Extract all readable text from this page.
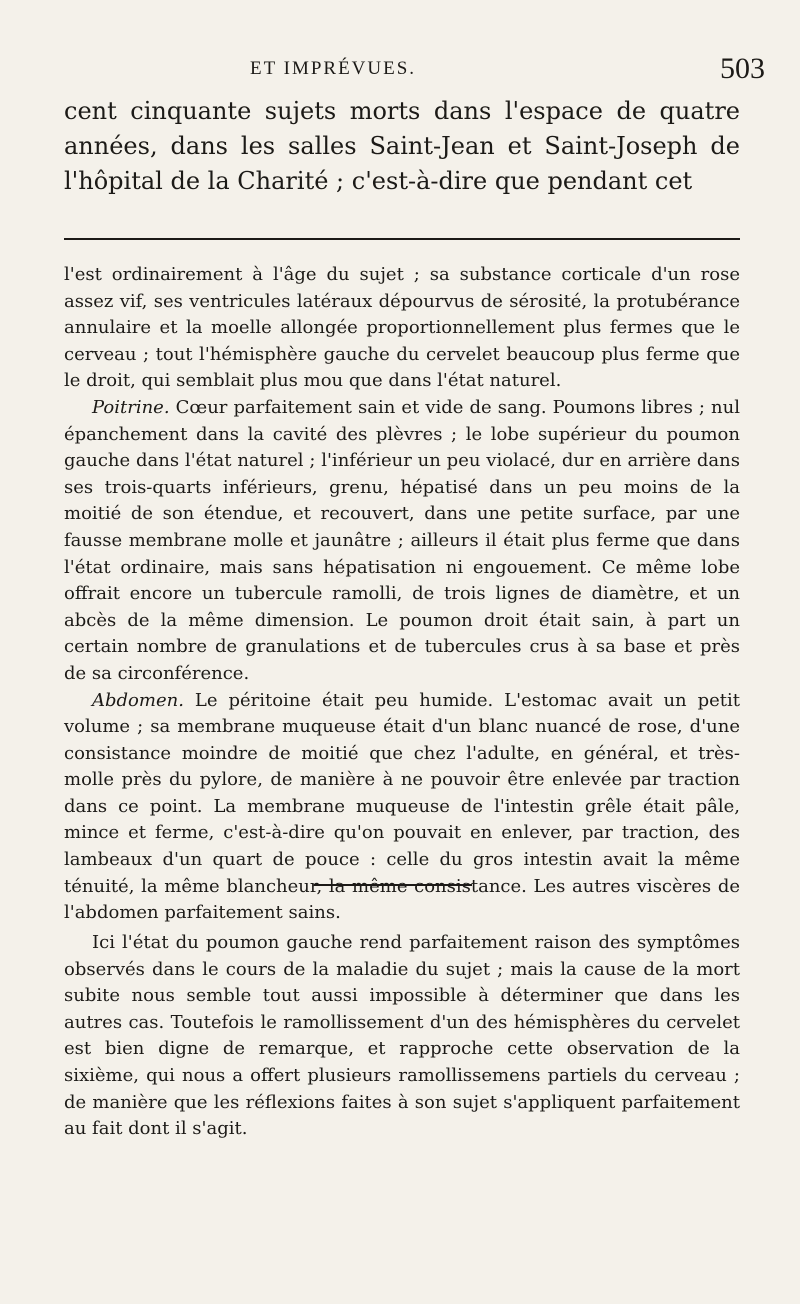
ET IMPRÉVUES.	503
cent cinquante sujets morts dans l'espace de quatre années, dans les salles Saint-Jean et Saint-Joseph de l'hôpital de la Charité ; c'est-à-dire que pendant cet

l'est ordinairement à l'âge du sujet ; sa substance corticale d'un rose assez vif, ses ventricules latéraux dépourvus de sérosité, la protubérance annulaire et la moelle allongée proportionnellement plus fermes que le cerveau ; tout l'hémisphère gauche du cervelet beaucoup plus ferme que le droit, qui semblait plus mou que dans l'état naturel.

Poitrine. Cœur parfaitement sain et vide de sang. Poumons libres ; nul épanchement dans la cavité des plèvres ; le lobe supérieur du poumon gauche dans l'état naturel ; l'inférieur un peu violacé, dur en arrière dans ses trois-quarts inférieurs, grenu, hépatisé dans un peu moins de la moitié de son étendue, et recouvert, dans une petite surface, par une fausse membrane molle et jaunâtre ; ailleurs il était plus ferme que dans l'état ordinaire, mais sans hépatisation ni engouement. Ce même lobe offrait encore un tubercule ramolli, de trois lignes de diamètre, et un abcès de la même dimension. Le poumon droit était sain, à part un certain nombre de granulations et de tubercules crus à sa base et près de sa circonférence.

Abdomen. Le péritoine était peu humide. L'estomac avait un petit volume ; sa membrane muqueuse était d'un blanc nuancé de rose, d'une consistance moindre de moitié que chez l'adulte, en général, et très-molle près du pylore, de manière à ne pouvoir être enlevée par traction dans ce point. La membrane muqueuse de l'intestin grêle était pâle, mince et ferme, c'est-à-dire qu'on pouvait en enlever, par traction, des lambeaux d'un quart de pouce : celle du gros intestin avait la même ténuité, la même blancheur, la même consistance. Les autres viscères de l'abdomen parfaitement sains.

Ici l'état du poumon gauche rend parfaitement raison des symptômes observés dans le cours de la maladie du sujet ; mais la cause de la mort subite nous semble tout aussi impossible à déterminer que dans les autres cas. Toutefois le ramollissement d'un des hémisphères du cervelet est bien digne de remarque, et rapproche cette observation de la sixième, qui nous a offert plusieurs ramollissemens partiels du cerveau ; de manière que les réflexions faites à son sujet s'appliquent parfaitement au fait dont il s'agit.
